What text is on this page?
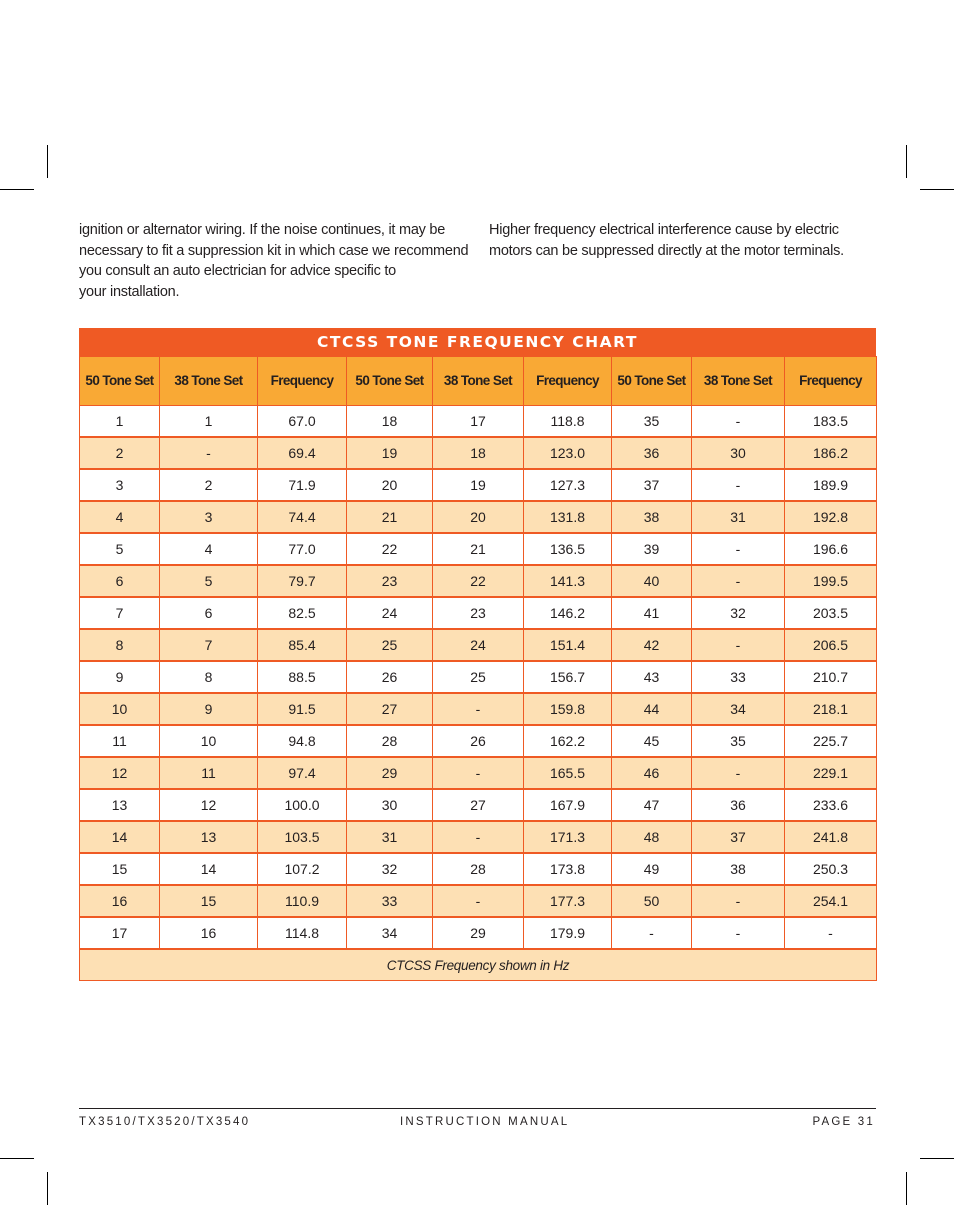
ignition or alternator wiring. If the noise continues, it may be
necessary to fit a suppression kit in which case we recommend
you consult an auto electrician for advice specific to
your installation.
Higher frequency electrical interference cause by electric
motors can be suppressed directly at the motor terminals.
CTCSS TONE FREQUENCY CHART
50 Tone Set	38 Tone Set	Frequency	50 Tone Set	38 Tone Set	Frequency	50 Tone Set	38 Tone Set	Frequency
1	1	67.0	18	17	118.8	35	-	183.5
2	-	69.4	19	18	123.0	36	30	186.2
3	2	71.9	20	19	127.3	37	-	189.9
4	3	74.4	21	20	131.8	38	31	192.8
5	4	77.0	22	21	136.5	39	-	196.6
6	5	79.7	23	22	141.3	40	-	199.5
7	6	82.5	24	23	146.2	41	32	203.5
8	7	85.4	25	24	151.4	42	-	206.5
9	8	88.5	26	25	156.7	43	33	210.7
10	9	91.5	27	-	159.8	44	34	218.1
11	10	94.8	28	26	162.2	45	35	225.7
12	11	97.4	29	-	165.5	46	-	229.1
13	12	100.0	30	27	167.9	47	36	233.6
14	13	103.5	31	-	171.3	48	37	241.8
15	14	107.2	32	28	173.8	49	38	250.3
16	15	110.9	33	-	177.3	50	-	254.1
17	16	114.8	34	29	179.9	-	-	-
CTCSS Frequency shown in Hz								
TX3510/TX3520/TX3540	INSTRUCTION MANUAL	PAGE 31
